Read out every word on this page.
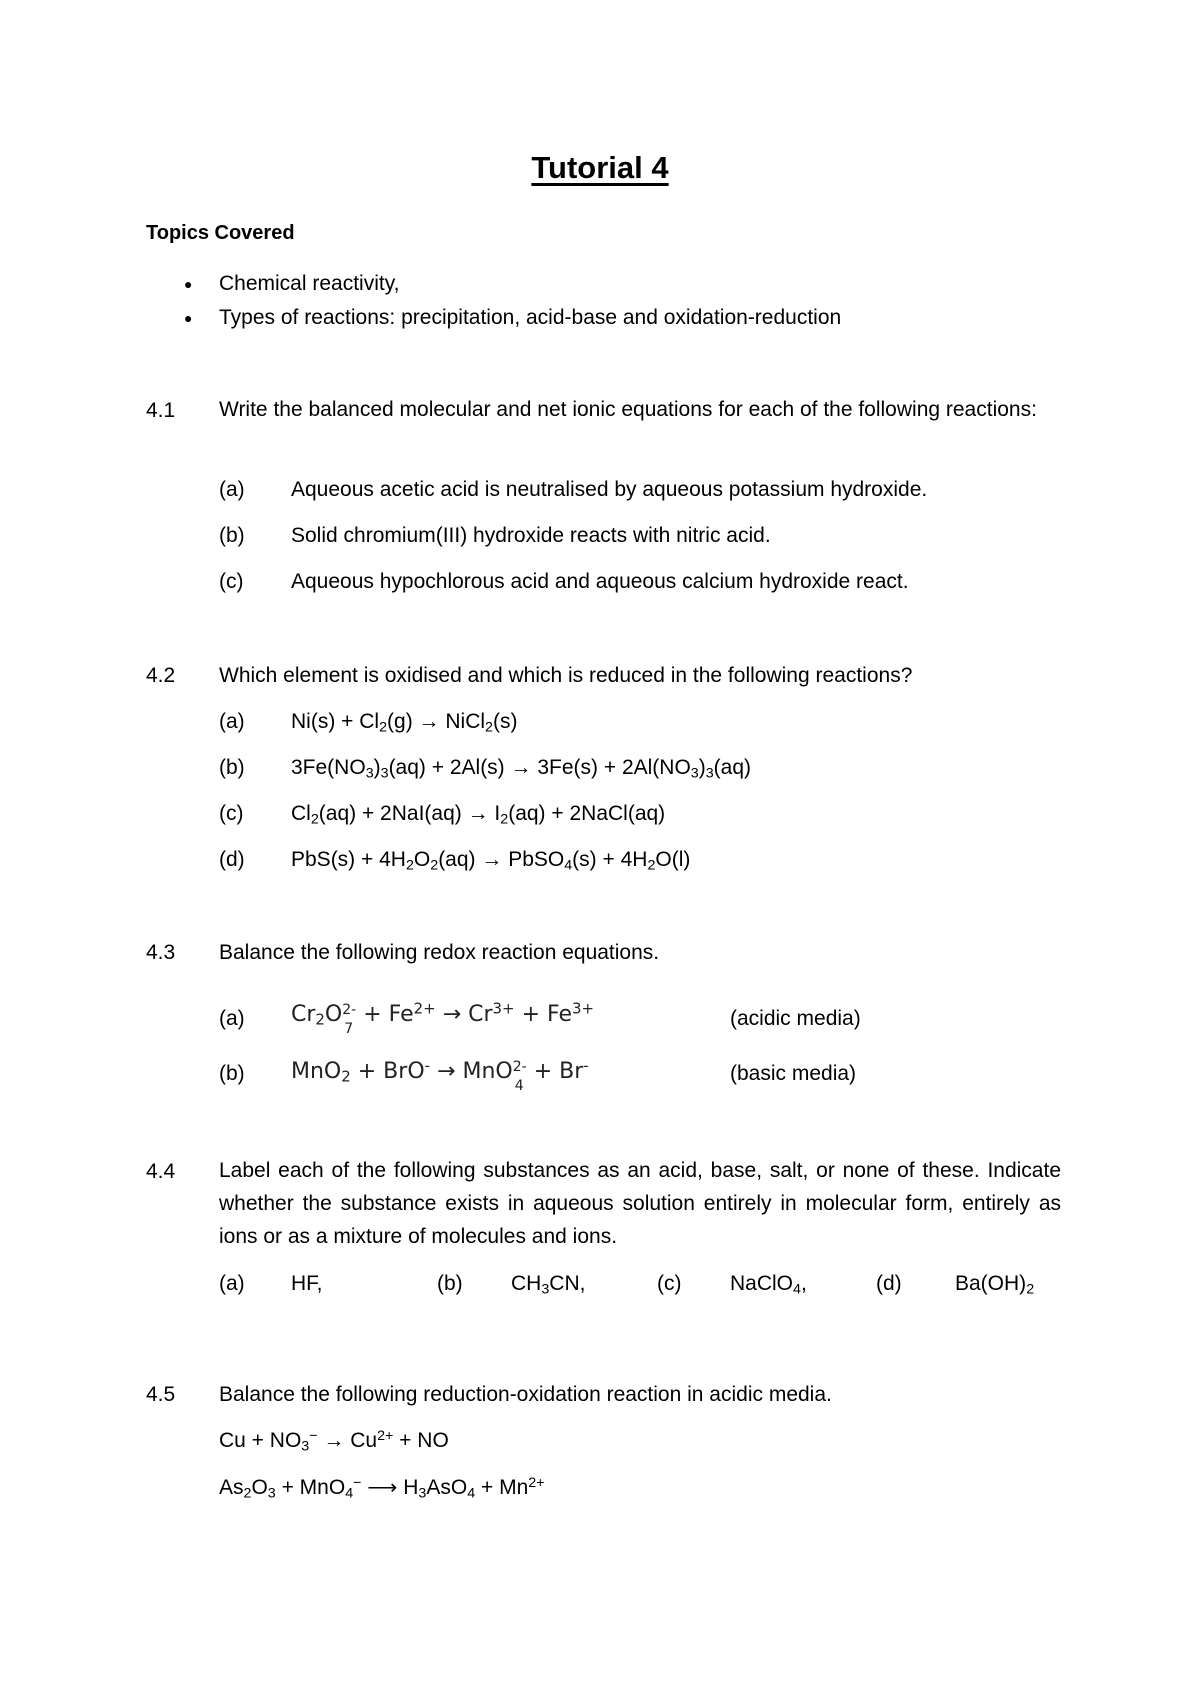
Tutorial 4
Topics Covered
● Chemical reactivity,
● Types of reactions: precipitation, acid-base and oxidation-reduction
4.1 Write the balanced molecular and net ionic equations for each of the following reactions:
(a) Aqueous acetic acid is neutralised by aqueous potassium hydroxide.
(b) Solid chromium(III) hydroxide reacts with nitric acid.
(c) Aqueous hypochlorous acid and aqueous calcium hydroxide react.
4.2 Which element is oxidised and which is reduced in the following reactions?
(a) $Ni(s) + Cl_2(g)$ → NiCl$_2$(s)
(b) $3Fe(NO_3)_3(aq) + 2Al(s) \to 3Fe(s) + 2Al(NO_3)_3(aq)$
(c) $Cl_2(aq) + 2NaI(aq) \to I_2(aq)$ + 2NaCl(aq)
(d) $PbS(s) + 4H_2O_2(aq)$ → PbSO$_4$(s) + $4H_2O(l)$
4.3 Balance the following redox reaction equations.
(a) $Cr_2O$ 2-
7
+ $Fe^{2+} \to Cr^{3+} + Fe^{3+}$	(acidic media)
(b) MnO$_2$ + BrO- → MnO 2-
4
+ Br-	(basic media)
4.4 Label each of the following substances as an acid, base, salt, or none of these. Indicate whether the substance exists in aqueous solution entirely in molecular form, entirely as ions or as a mixture of molecules and ions.
(a) HF,	(b) $CH_3CN$,	(c) NaClO$_4$,	(d)	$Ba(OH)_2$
4.5 Balance the following reduction-oxidation reaction in acidic media.
$Cu + NO_3^- \to Cu^{2+}$ + NO
$As_2O_3 + MnO_4^-$ ⟶ $H_3AsO_4 + Mn^{2+}$
